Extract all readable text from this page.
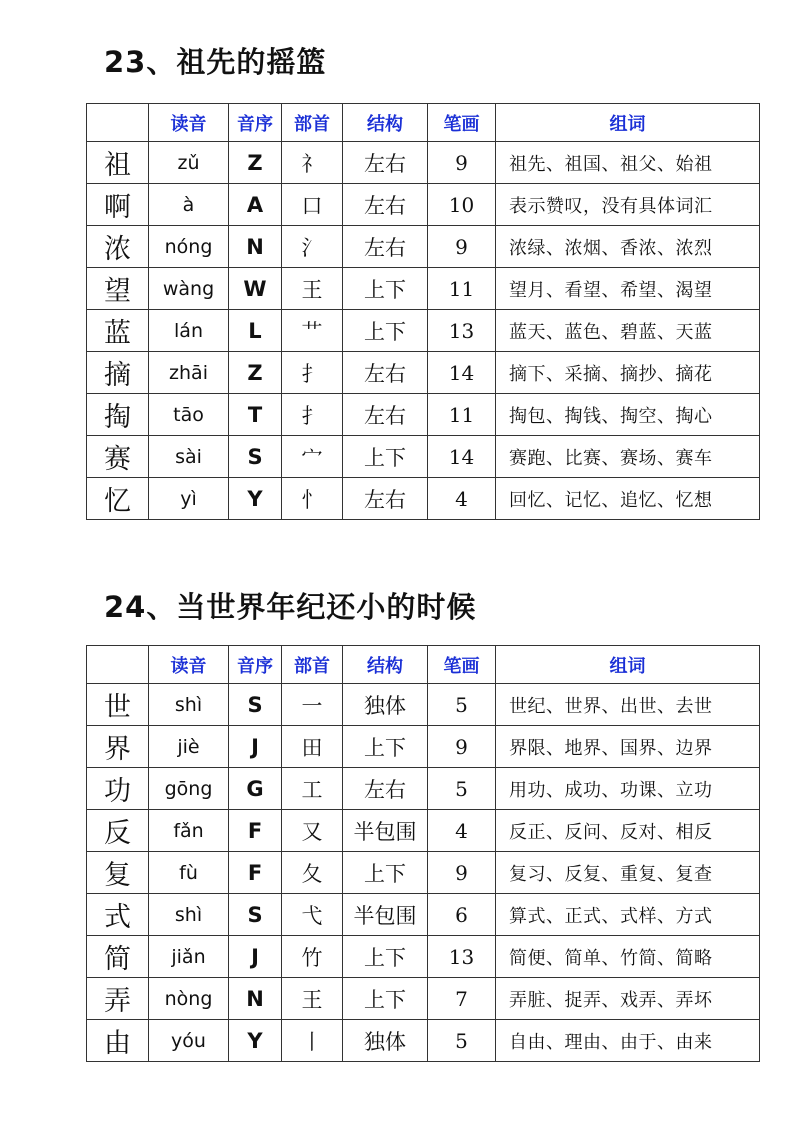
23、祖先的摇篮
	读音	音序	部首	结构	笔画	组词
祖	zǔ	Z	礻	左右	9	祖先、祖国、祖父、始祖
啊	à	A	口	左右	10	表示赞叹，没有具体词汇
浓	nóng	N	氵	左右	9	浓绿、浓烟、香浓、浓烈
望	wàng	W	王	上下	11	望月、看望、希望、渴望
蓝	lán	L	艹	上下	13	蓝天、蓝色、碧蓝、天蓝
摘	zhāi	Z	扌	左右	14	摘下、采摘、摘抄、摘花
掏	tāo	T	扌	左右	11	掏包、掏钱、掏空、掏心
赛	sài	S	宀	上下	14	赛跑、比赛、赛场、赛车
忆	yì	Y	忄	左右	4	回忆、记忆、追忆、忆想
24、当世界年纪还小的时候
	读音	音序	部首	结构	笔画	组词
世	shì	S	一	独体	5	世纪、世界、出世、去世
界	jiè	J	田	上下	9	界限、地界、国界、边界
功	gōng	G	工	左右	5	用功、成功、功课、立功
反	fǎn	F	又	半包围	4	反正、反问、反对、相反
复	fù	F	夂	上下	9	复习、反复、重复、复查
式	shì	S	弋	半包围	6	算式、正式、式样、方式
简	jiǎn	J	竹	上下	13	简便、简单、竹简、简略
弄	nòng	N	王	上下	7	弄脏、捉弄、戏弄、弄坏
由	yóu	Y	丨	独体	5	自由、理由、由于、由来
